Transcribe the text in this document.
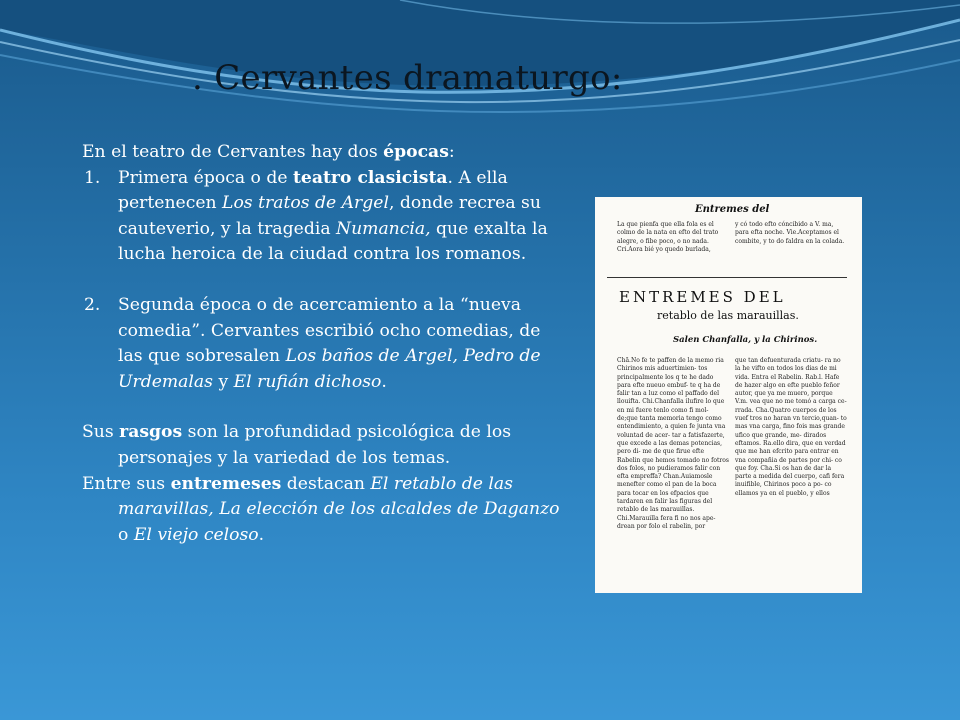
. Cervantes dramaturgo:

En el teatro de Cervantes hay dos épocas:

1. Primera época o de teatro clasicista. A ella pertenecen Los tratos de Argel, donde recrea su cauteverio, y la tragedia Numancia, que exalta la lucha heroica de la ciudad contra los romanos.
2. Segunda época o de acercamiento a la “nueva comedia”. Cervantes escribió ocho comedias, de las que sobresalen Los baños de Argel, Pedro de Urdemalas y El rufián dichoso.

Sus rasgos son la profundidad psicológica de los personajes y la variedad de los temas.

Entre sus entremeses destacan El retablo de las maravillas, La elección de los alcaldes de Daganzo o El viejo celoso.

Entremes del
La que pienfa que ella fola es el colmo de la nata en efto del trato alegre, o fibe poco, o no nada. Cri.Aora bié yo quedo burlada,
y có todo efto cóncibido a V. ma, para efta noche. Vie.Aceptamos el combite, y to do faldra en la colada.
ENTREMES DEL
retablo de las marauillas.
Salen Chanfalla, y la Chirinos.
Chã.No fe te paffen de la memo ria Chirinos mis aduertimien- tos principalmente los q te he dado para efte nueuo embuf- te q ha de falir tan a luz como el paffado del llouifta. Chi.Chanfalla ilufire lo que en mi fuere tenlo como fi mol- de;que tanta memoria tengo como entendimiento, a quien fe junta vna voluntad de acer- tar a fatisfazerte, que excede a las demas potencias, pero di- me de que firue efte Rabelin que hemos tomado no fotros dos folos, no pudieramos falir con efta empreffa? Chan.Auiamosle menefter como el pan de la boca para tocar en los efpacios que tardaren en falir las figuras del retablo de las marauillas. Chi.Marauilla fera fi no nos ape- drean por folo el rabelin, por
que tan defuenturada criatu- ra no la he vifto en todos los dias de mi vida. Entra el Rabelin. Rab.l. Hafe de hazer algo en efte pueblo feñor autor, que ya me muero, porque V.m. vea que no me tomó a carga ce- rrada. Cha.Quatro cuerpos de los vuef tros no haran vn tercio,quan- to mas vna carga, fino fois mas grande ufico que grande, me- dirados eftamos. Ra.ello dira, que en verdad que me han efcrito para entrar en vna compañia de partes por chi- co que foy. Cha.Si os han de dar la parte a medida del cuerpo, cafi fera inuifible, Chirinos poco a po- co ellamos ya en el pueblo, y ellos
